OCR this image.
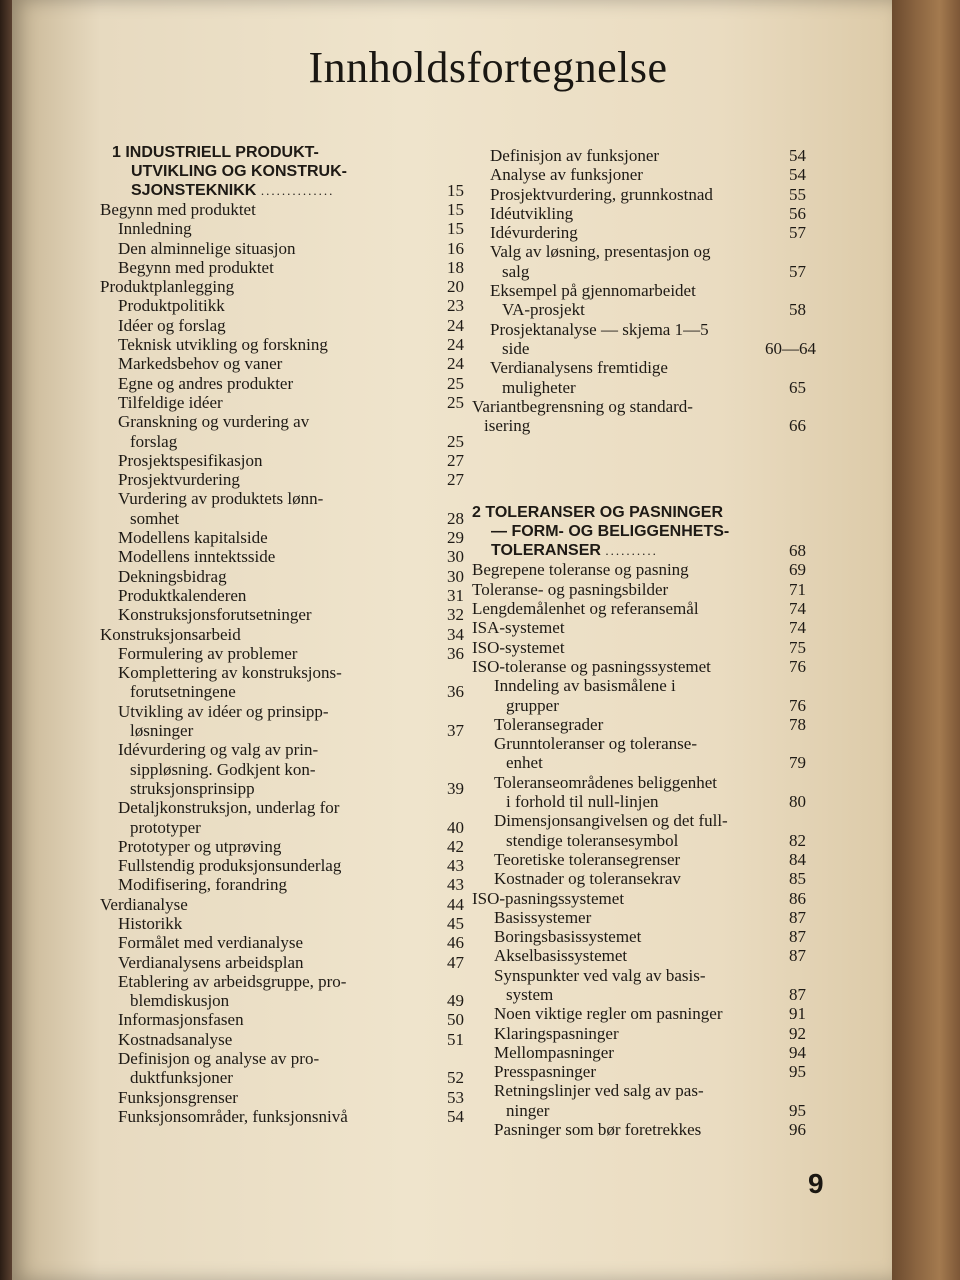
Innholdsfortegnelse
1 INDUSTRIELL PRODUKT-
UTVIKLING OG KONSTRUK-
SJONSTEKNIKK ..............	15
Begynn med produktet	15
Innledning	15
Den alminnelige situasjon	16
Begynn med produktet	18
Produktplanlegging	20
Produktpolitikk	23
Idéer og forslag	24
Teknisk utvikling og forskning	24
Markedsbehov og vaner	24
Egne og andres produkter	25
Tilfeldige idéer	25
Granskning og vurdering av
forslag	25
Prosjektspesifikasjon	27
Prosjektvurdering	27
Vurdering av produktets lønn-
somhet	28
Modellens kapitalside	29
Modellens inntektsside	30
Dekningsbidrag	30
Produktkalenderen	31
Konstruksjonsforutsetninger	32
Konstruksjonsarbeid	34
Formulering av problemer	36
Komplettering av konstruksjons-
forutsetningene	36
Utvikling av idéer og prinsipp-
løsninger	37
Idévurdering og valg av prin-
sippløsning. Godkjent kon-
struksjonsprinsipp	39
Detaljkonstruksjon, underlag for
prototyper	40
Prototyper og utprøving	42
Fullstendig produksjonsunderlag	43
Modifisering, forandring	43
Verdianalyse	44
Historikk	45
Formålet med verdianalyse	46
Verdianalysens arbeidsplan	47
Etablering av arbeidsgruppe, pro-
blemdiskusjon	49
Informasjonsfasen	50
Kostnadsanalyse	51
Definisjon og analyse av pro-
duktfunksjoner	52
Funksjonsgrenser	53
Funksjonsområder, funksjonsnivå	54
Definisjon av funksjoner	54
Analyse av funksjoner	54
Prosjektvurdering, grunnkostnad	55
Idéutvikling	56
Idévurdering	57
Valg av løsning, presentasjon og
salg	57
Eksempel på gjennomarbeidet
VA-prosjekt	58
Prosjektanalyse — skjema 1—5
side	60—64
Verdianalysens fremtidige
muligheter	65
Variantbegrensning og standard-
isering	66
2 TOLERANSER OG PASNINGER
— FORM- OG BELIGGENHETS-
TOLERANSER ..........	68
Begrepene toleranse og pasning	69
Toleranse- og pasningsbilder	71
Lengdemålenhet og referansemål	74
ISA-systemet	74
ISO-systemet	75
ISO-toleranse og pasningssystemet	76
Inndeling av basismålene i
grupper	76
Toleransegrader	78
Grunntoleranser og toleranse-
enhet	79
Toleranseområdenes beliggenhet
i forhold til null-linjen	80
Dimensjonsangivelsen og det full-
stendige toleransesymbol	82
Teoretiske toleransegrenser	84
Kostnader og toleransekrav	85
ISO-pasningssystemet	86
Basissystemer	87
Boringsbasissystemet	87
Akselbasissystemet	87
Synspunkter ved valg av basis-
system	87
Noen viktige regler om pasninger	91
Klaringspasninger	92
Mellompasninger	94
Presspasninger	95
Retningslinjer ved salg av pas-
ninger	95
Pasninger som bør foretrekkes	96
9
